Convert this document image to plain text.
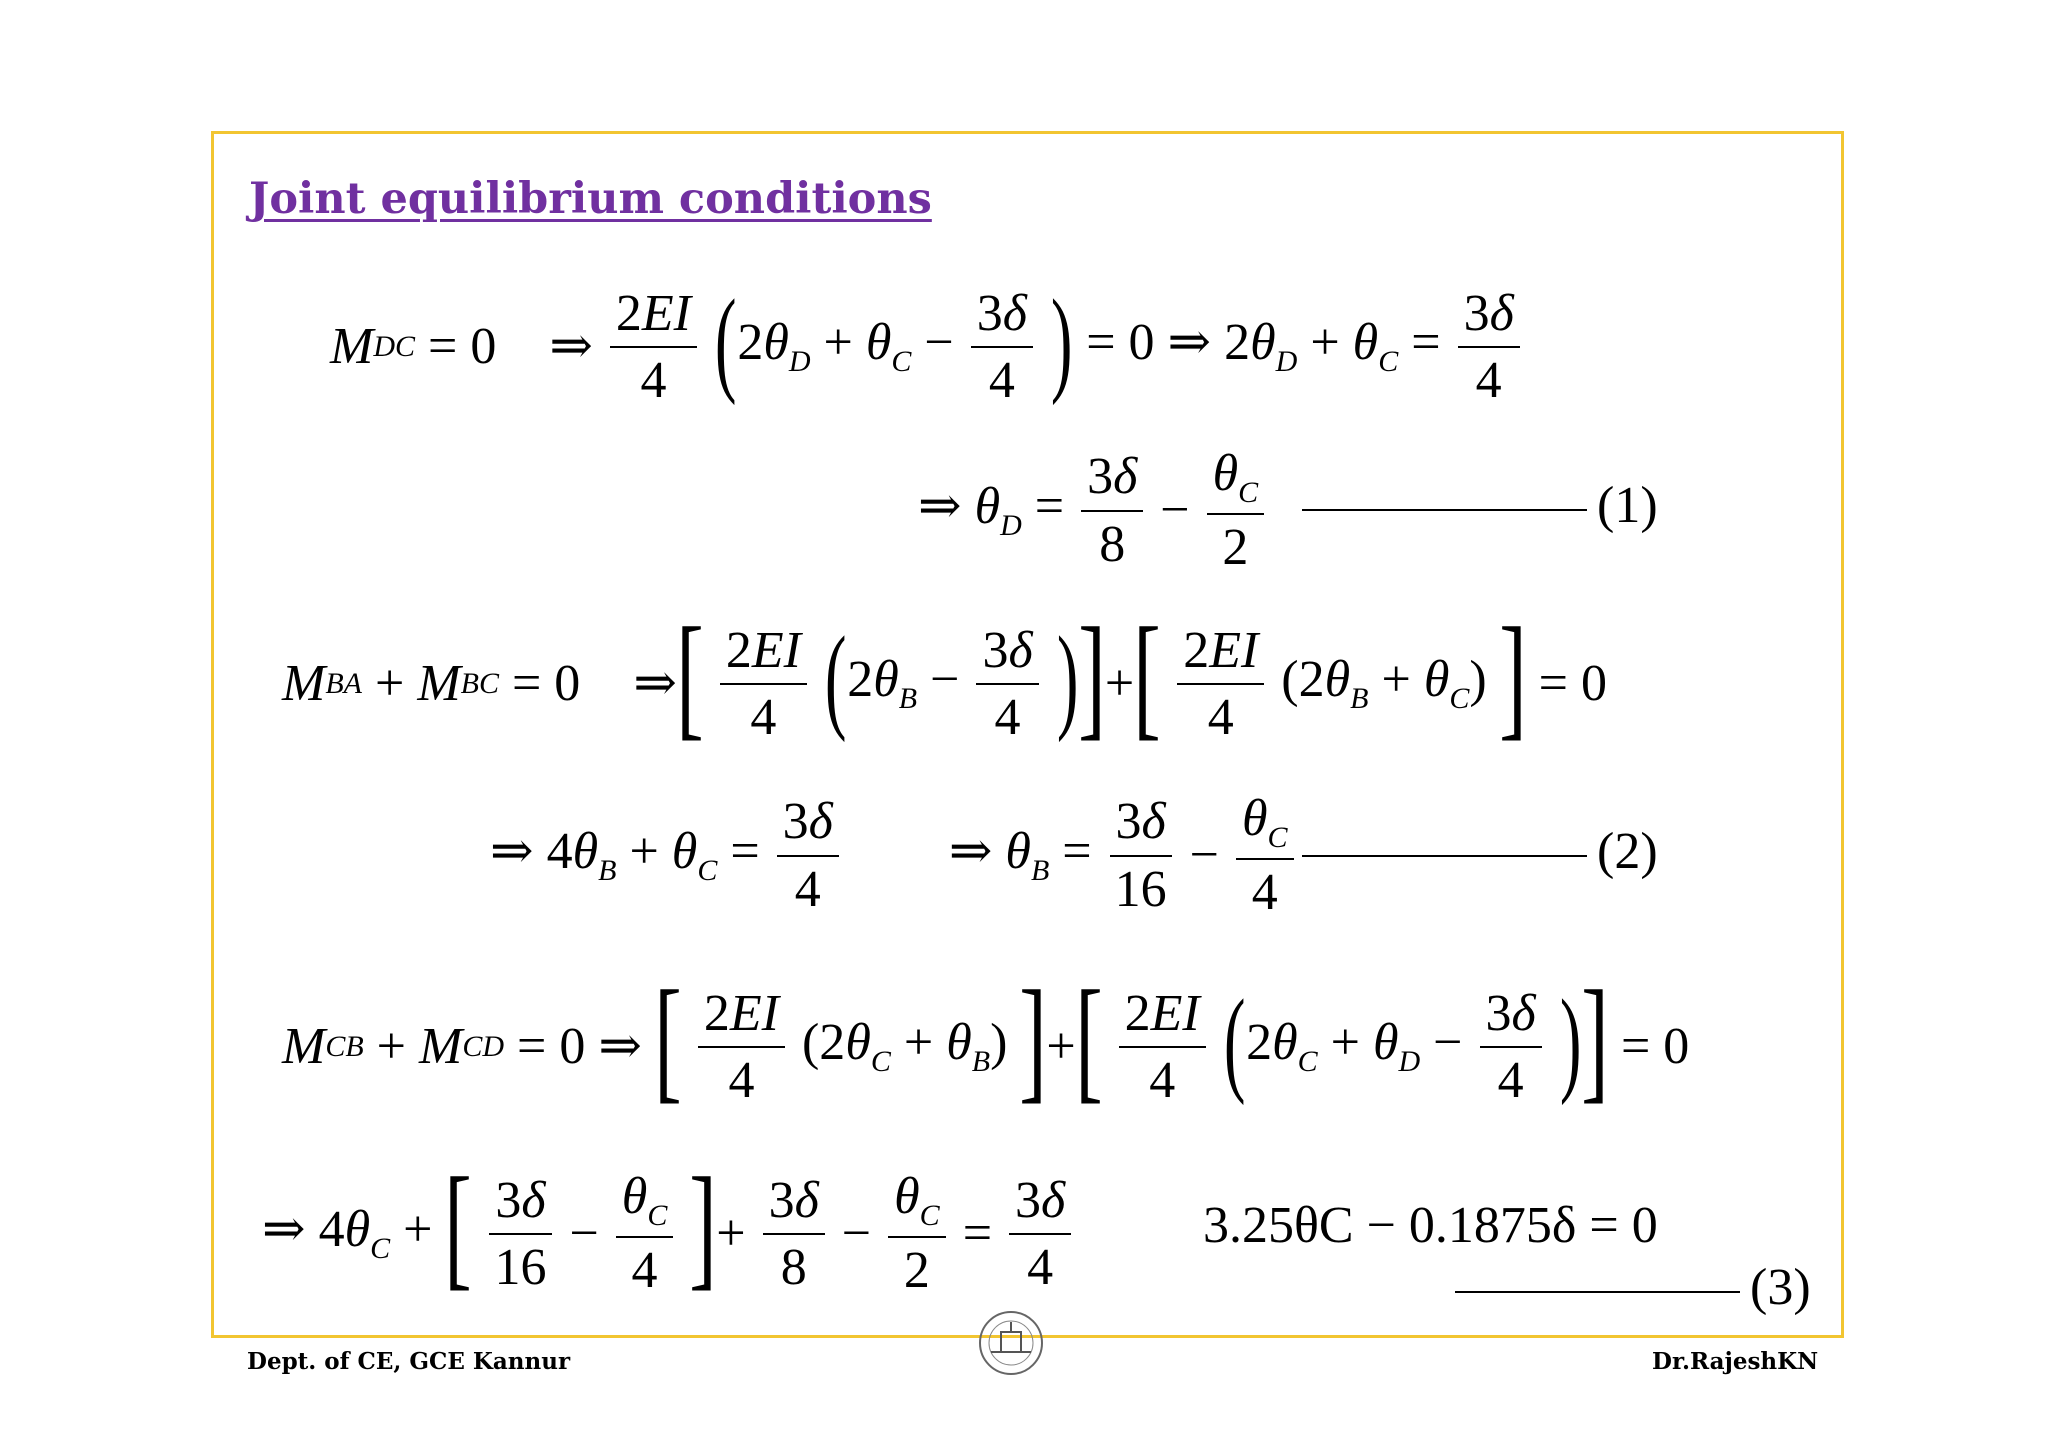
Joint equilibrium conditions
MDC = 0 ⇒ $\frac{2EI}{4} (2\theta_D + \theta_C - \frac{3\delta}{4}$ ) = 0 ⇒ $2\theta_D + \theta_C = \frac{3\delta}{4}$
⇒ $\theta_D = \frac{3\delta}{8} - \frac{\theta_C}{2}$	(1)
MBA + MBC = 0 ⇒[ $\frac{2EI}{4} (2\theta_B - \frac{3\delta}{4}$ )]+[ $\frac{2EI}{4} (2\theta_B + \theta_C)$ ] = 0
⇒ $4\theta_B + \theta_C = \frac{3\delta}{4}$ ⇒ $\theta_B = \frac{3\delta}{16} - \frac{\theta_C}{4}$	(2)
MCB + MCD = 0 ⇒ [ $\frac{2EI}{4} (2\theta_C + \theta_B)$ ]+[ $\frac{2EI}{4} (2\theta_C + \theta_D - \frac{3\delta}{4}$ )] = 0
⇒ $4\theta_C$ + [ $\frac{3\delta}{16} - \frac{\theta_C}{4}$ ]+ $\frac{3\delta}{8} - \frac{\theta_C}{2} = \frac{3\delta}{4}$	3.25θC − 0.1875δ = 0
(3)
Dept. of CE, GCE Kannur	Dr.RajeshKN
